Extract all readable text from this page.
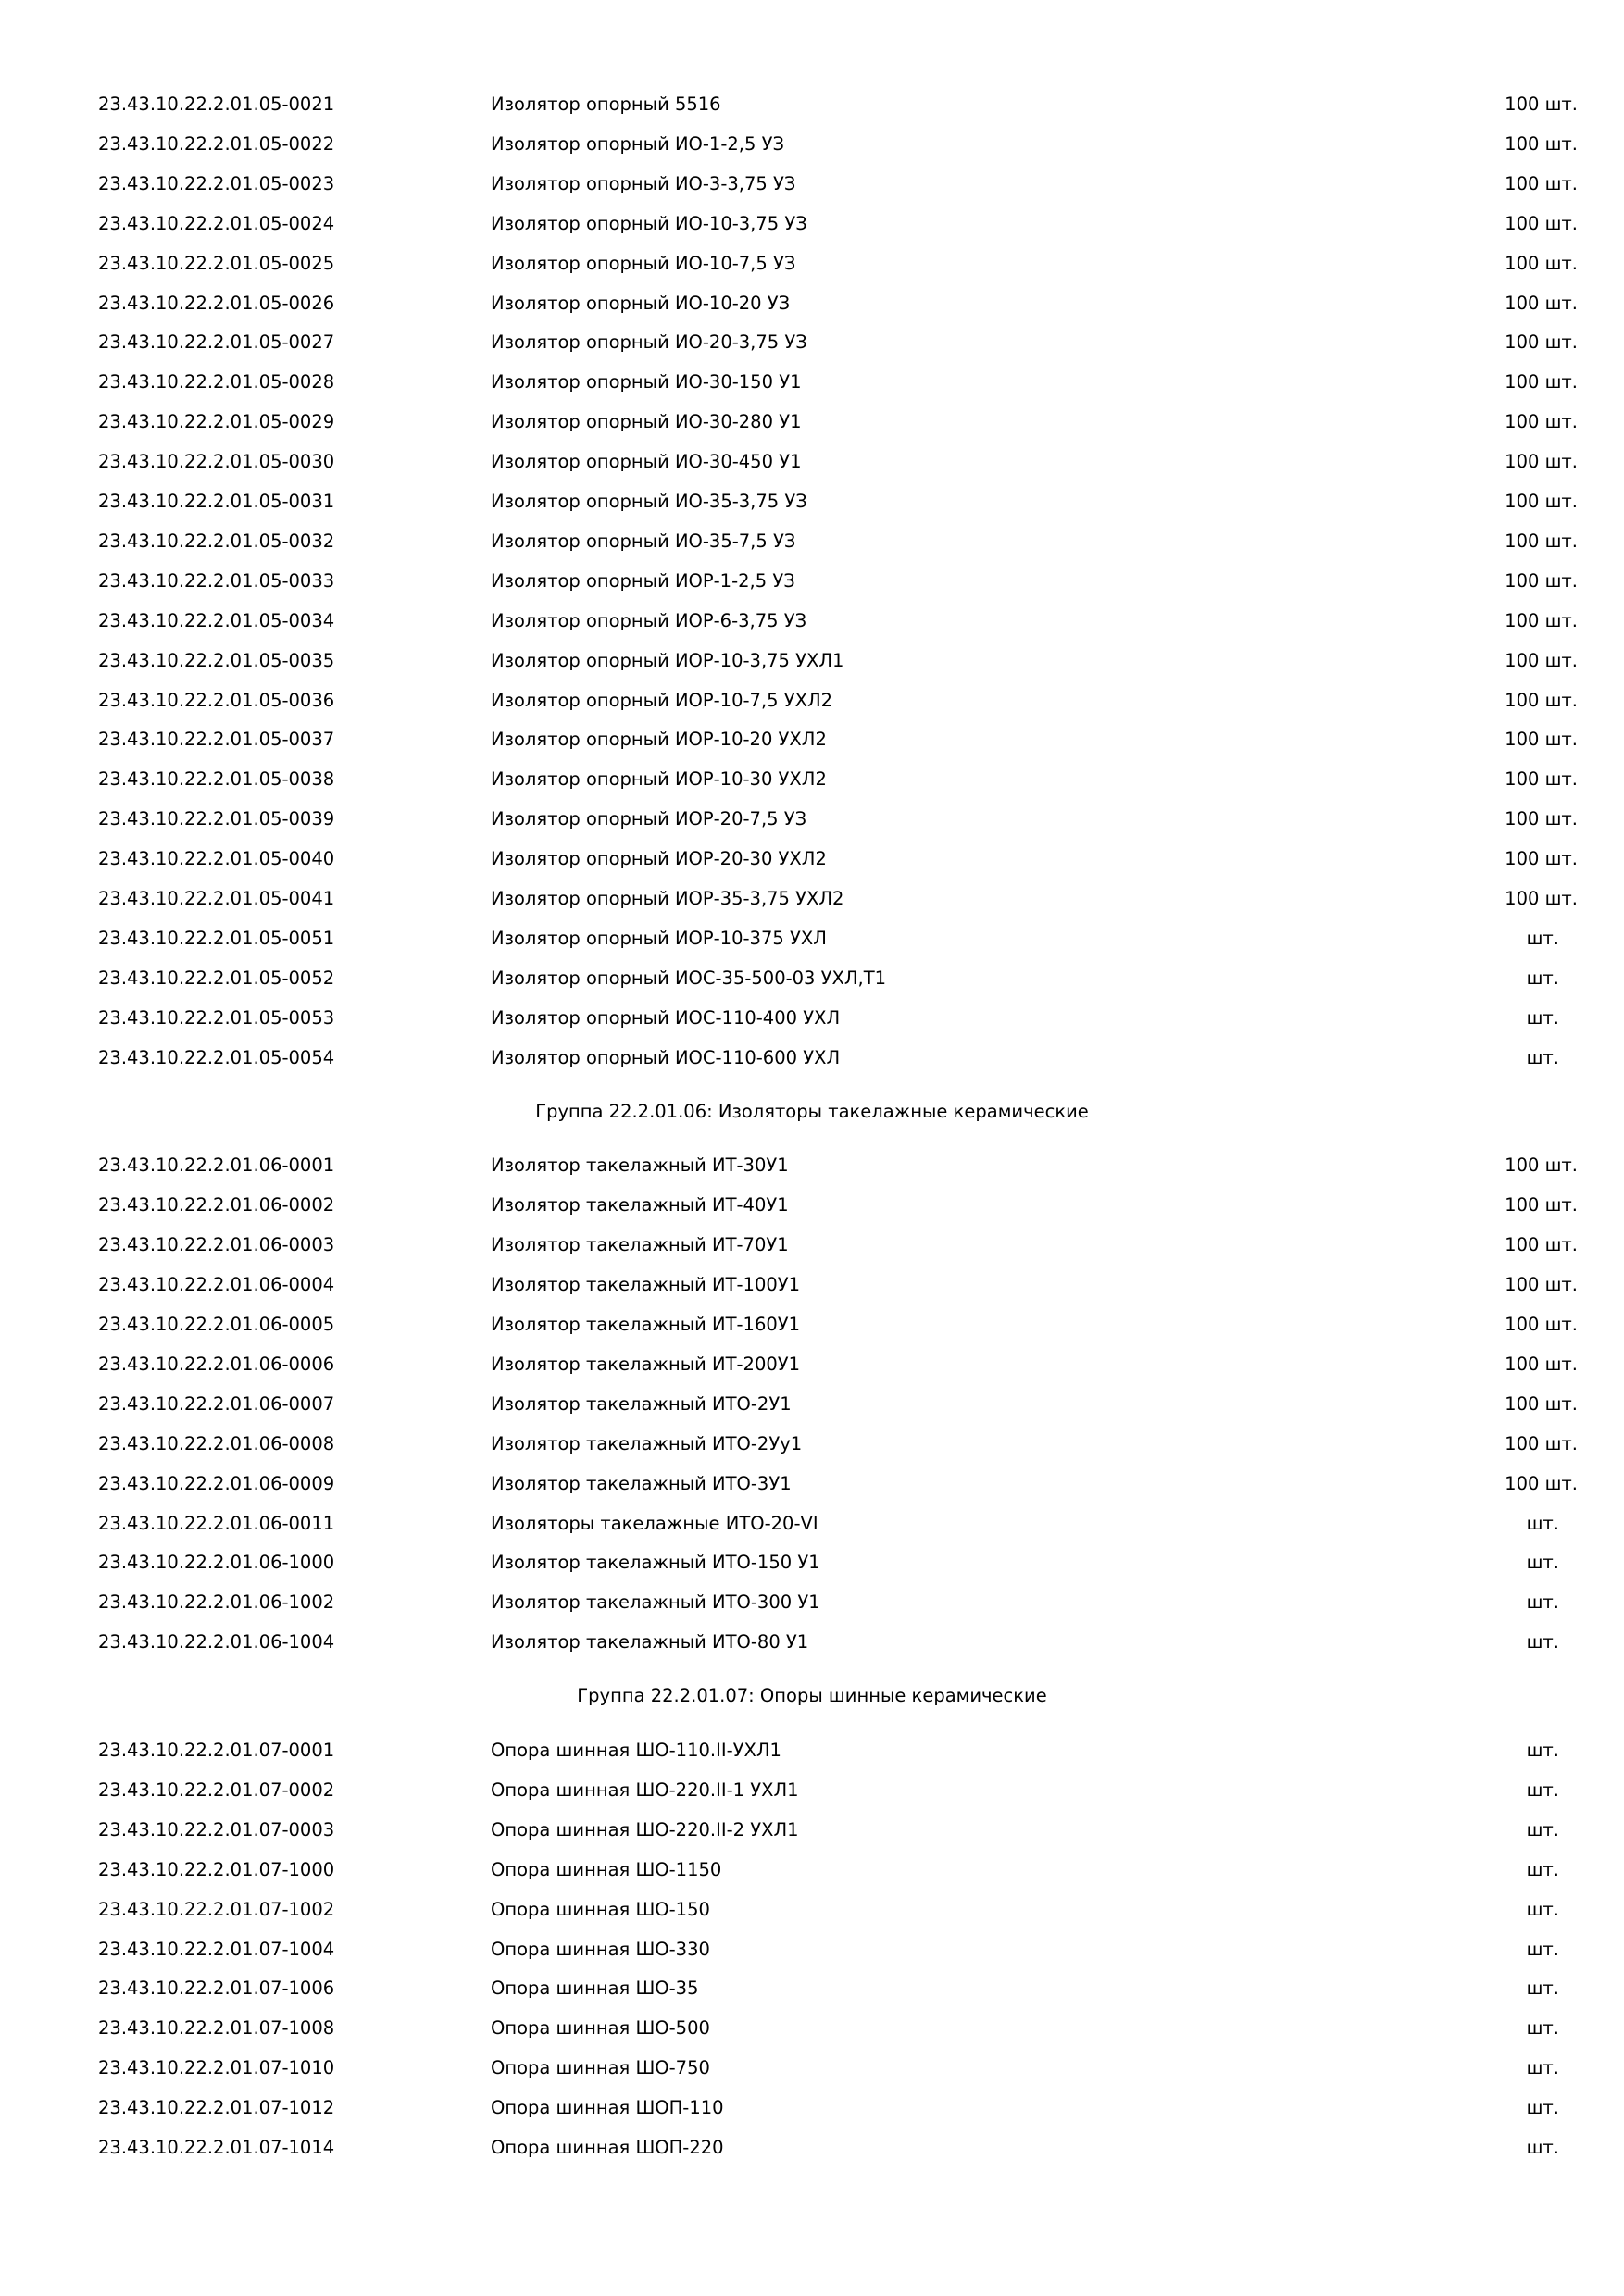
23.43.10.22.2.01.05-0021	Изолятор опорный 5516	100 шт.
23.43.10.22.2.01.05-0022	Изолятор опорный ИО-1-2,5 УЗ	100 шт.
23.43.10.22.2.01.05-0023	Изолятор опорный ИО-3-3,75 УЗ	100 шт.
23.43.10.22.2.01.05-0024	Изолятор опорный ИО-10-3,75 УЗ	100 шт.
23.43.10.22.2.01.05-0025	Изолятор опорный ИО-10-7,5 УЗ	100 шт.
23.43.10.22.2.01.05-0026	Изолятор опорный ИО-10-20 УЗ	100 шт.
23.43.10.22.2.01.05-0027	Изолятор опорный ИО-20-3,75 УЗ	100 шт.
23.43.10.22.2.01.05-0028	Изолятор опорный ИО-30-150 У1	100 шт.
23.43.10.22.2.01.05-0029	Изолятор опорный ИО-30-280 У1	100 шт.
23.43.10.22.2.01.05-0030	Изолятор опорный ИО-30-450 У1	100 шт.
23.43.10.22.2.01.05-0031	Изолятор опорный ИО-35-3,75 УЗ	100 шт.
23.43.10.22.2.01.05-0032	Изолятор опорный ИО-35-7,5 УЗ	100 шт.
23.43.10.22.2.01.05-0033	Изолятор опорный ИОР-1-2,5 УЗ	100 шт.
23.43.10.22.2.01.05-0034	Изолятор опорный ИОР-6-3,75 УЗ	100 шт.
23.43.10.22.2.01.05-0035	Изолятор опорный ИОР-10-3,75 УХЛ1	100 шт.
23.43.10.22.2.01.05-0036	Изолятор опорный ИОР-10-7,5 УХЛ2	100 шт.
23.43.10.22.2.01.05-0037	Изолятор опорный ИОР-10-20 УХЛ2	100 шт.
23.43.10.22.2.01.05-0038	Изолятор опорный ИОР-10-30 УХЛ2	100 шт.
23.43.10.22.2.01.05-0039	Изолятор опорный ИОР-20-7,5 УЗ	100 шт.
23.43.10.22.2.01.05-0040	Изолятор опорный ИОР-20-30 УХЛ2	100 шт.
23.43.10.22.2.01.05-0041	Изолятор опорный ИОР-35-3,75 УХЛ2	100 шт.
23.43.10.22.2.01.05-0051	Изолятор опорный ИОР-10-375 УХЛ	шт.
23.43.10.22.2.01.05-0052	Изолятор опорный ИОС-35-500-03 УХЛ,Т1	шт.
23.43.10.22.2.01.05-0053	Изолятор опорный ИОС-110-400 УХЛ	шт.
23.43.10.22.2.01.05-0054	Изолятор опорный ИОС-110-600 УХЛ	шт.
Группа 22.2.01.06: Изоляторы такелажные керамические
23.43.10.22.2.01.06-0001	Изолятор такелажный ИТ-30У1	100 шт.
23.43.10.22.2.01.06-0002	Изолятор такелажный ИТ-40У1	100 шт.
23.43.10.22.2.01.06-0003	Изолятор такелажный ИТ-70У1	100 шт.
23.43.10.22.2.01.06-0004	Изолятор такелажный ИТ-100У1	100 шт.
23.43.10.22.2.01.06-0005	Изолятор такелажный ИТ-160У1	100 шт.
23.43.10.22.2.01.06-0006	Изолятор такелажный ИТ-200У1	100 шт.
23.43.10.22.2.01.06-0007	Изолятор такелажный ИТО-2У1	100 шт.
23.43.10.22.2.01.06-0008	Изолятор такелажный ИТО-2Уу1	100 шт.
23.43.10.22.2.01.06-0009	Изолятор такелажный ИТО-3У1	100 шт.
23.43.10.22.2.01.06-0011	Изоляторы такелажные ИТО-20-VI	шт.
23.43.10.22.2.01.06-1000	Изолятор такелажный ИТО-150 У1	шт.
23.43.10.22.2.01.06-1002	Изолятор такелажный ИТО-300 У1	шт.
23.43.10.22.2.01.06-1004	Изолятор такелажный ИТО-80 У1	шт.
Группа 22.2.01.07: Опоры шинные керамические
23.43.10.22.2.01.07-0001	Опора шинная ШО-110.II-УХЛ1	шт.
23.43.10.22.2.01.07-0002	Опора шинная ШО-220.II-1 УХЛ1	шт.
23.43.10.22.2.01.07-0003	Опора шинная ШО-220.II-2 УХЛ1	шт.
23.43.10.22.2.01.07-1000	Опора шинная ШО-1150	шт.
23.43.10.22.2.01.07-1002	Опора шинная ШО-150	шт.
23.43.10.22.2.01.07-1004	Опора шинная ШО-330	шт.
23.43.10.22.2.01.07-1006	Опора шинная ШО-35	шт.
23.43.10.22.2.01.07-1008	Опора шинная ШО-500	шт.
23.43.10.22.2.01.07-1010	Опора шинная ШО-750	шт.
23.43.10.22.2.01.07-1012	Опора шинная ШОП-110	шт.
23.43.10.22.2.01.07-1014	Опора шинная ШОП-220	шт.
